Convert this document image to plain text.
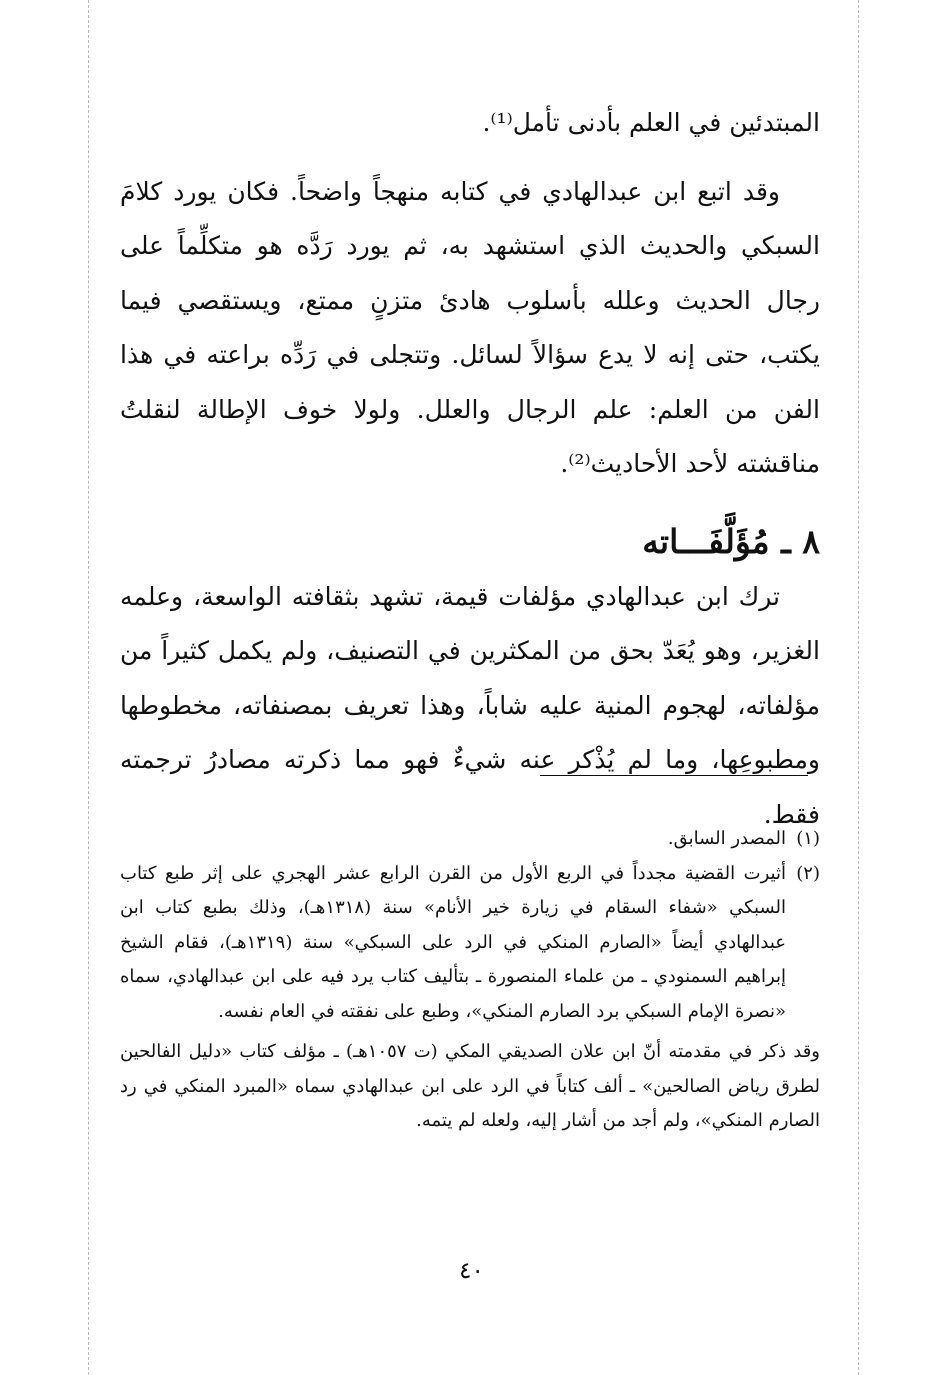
المبتدئين في العلم بأدنى تأمل⁽¹⁾.

وقد اتبع ابن عبدالهادي في كتابه منهجاً واضحاً. فكان يورد كلامَ السبكي والحديث الذي استشهد به، ثم يورد رَدَّه هو متكلِّماً على رجال الحديث وعلله بأسلوب هادئ متزنٍ ممتع، ويستقصي فيما يكتب، حتى إنه لا يدع سؤالاً لسائل. وتتجلى في رَدِّه براعته في هذا الفن من العلم: علم الرجال والعلل. ولولا خوف الإطالة لنقلتُ مناقشته لأحد الأحاديث⁽²⁾.

٨ ـ مُؤَلَّفَـــاته

ترك ابن عبدالهادي مؤلفات قيمة، تشهد بثقافته الواسعة، وعلمه الغزير، وهو يُعَدّ بحق من المكثرين في التصنيف، ولم يكمل كثيراً من مؤلفاته، لهجوم المنية عليه شاباً، وهذا تعريف بمصنفاته، مخطوطها ومطبوعِها، وما لم يُذْكر عنه شيءٌ فهو مما ذكرته مصادرُ ترجمته فقط.

(١)
المصدر السابق.
(٢)
أثيرت القضية مجدداً في الربع الأول من القرن الرابع عشر الهجري على إثر طبع كتاب السبكي «شفاء السقام في زيارة خير الأنام» سنة (١٣١٨هـ)، وذلك بطبع كتاب ابن عبدالهادي أيضاً «الصارم المنكي في الرد على السبكي» سنة (١٣١٩هـ)، فقام الشيخ إبراهيم السمنودي ـ من علماء المنصورة ـ بتأليف كتاب يرد فيه على ابن عبدالهادي، سماه «نصرة الإمام السبكي برد الصارم المنكي»، وطبع على نفقته في العام نفسه.

وقد ذكر في مقدمته أنّ ابن علان الصديقي المكي (ت ١٠٥٧هـ) ـ مؤلف كتاب «دليل الفالحين لطرق رياض الصالحين» ـ ألف كتاباً في الرد على ابن عبدالهادي سماه «المبرد المنكي في رد الصارم المنكي»، ولم أجد من أشار إليه، ولعله لم يتمه.

٤٠
